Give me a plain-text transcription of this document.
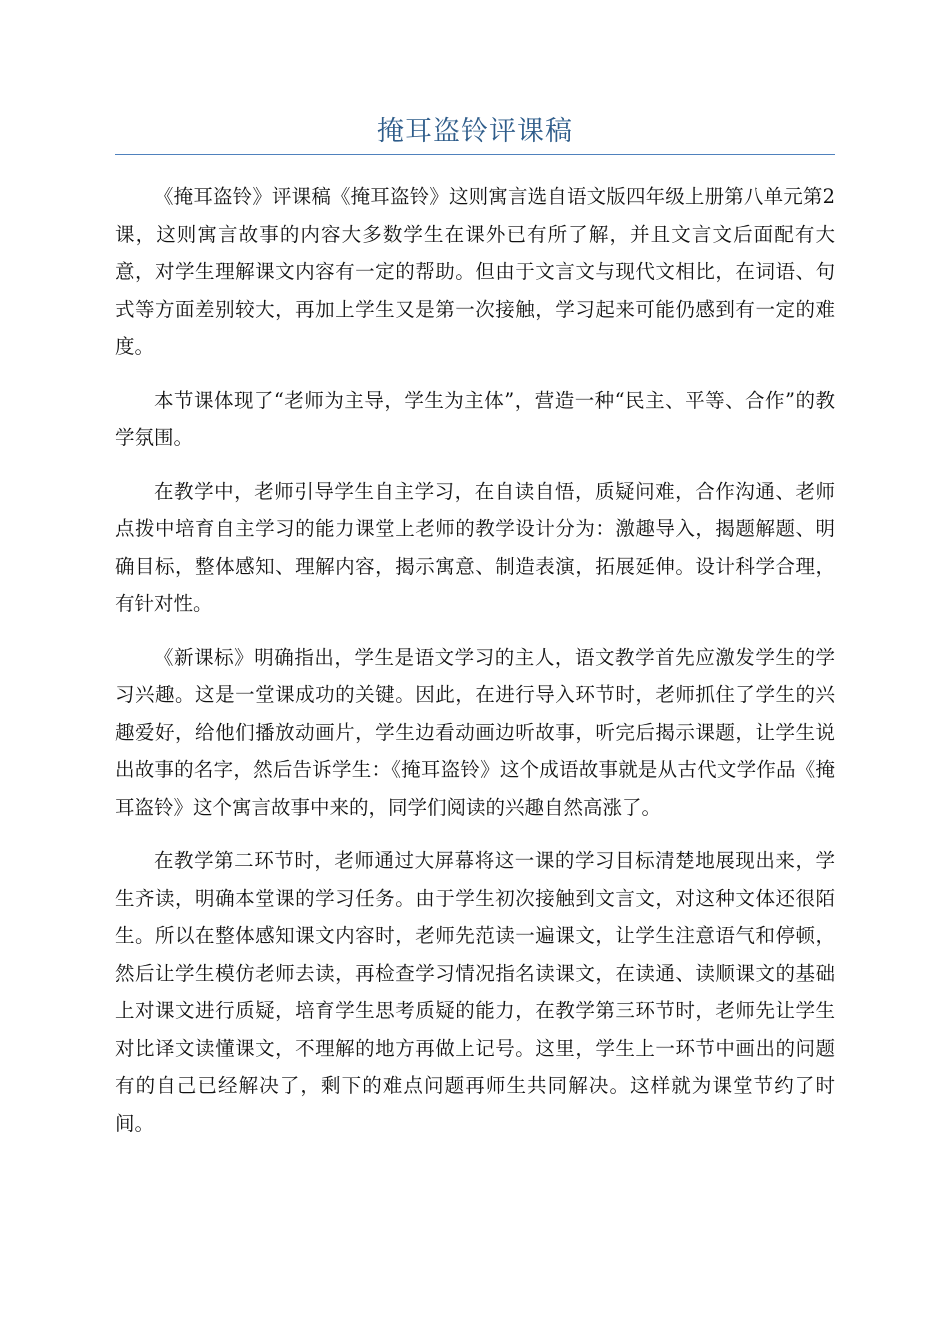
掩耳盗铃评课稿

《掩耳盗铃》评课稿《掩耳盗铃》这则寓言选自语文版四年级上册第八单元第2课，这则寓言故事的内容大多数学生在课外已有所了解，并且文言文后面配有大意，对学生理解课文内容有一定的帮助。但由于文言文与现代文相比，在词语、句式等方面差别较大，再加上学生又是第一次接触，学习起来可能仍感到有一定的难度。

本节课体现了“老师为主导，学生为主体”，营造一种“民主、平等、合作”的教学氛围。

在教学中，老师引导学生自主学习，在自读自悟，质疑问难，合作沟通、老师点拨中培育自主学习的能力课堂上老师的教学设计分为：激趣导入，揭题解题、明确目标，整体感知、理解内容，揭示寓意、制造表演，拓展延伸。设计科学合理，有针对性。

《新课标》明确指出，学生是语文学习的主人，语文教学首先应激发学生的学习兴趣。这是一堂课成功的关键。因此，在进行导入环节时，老师抓住了学生的兴趣爱好，给他们播放动画片，学生边看动画边听故事，听完后揭示课题，让学生说出故事的名字，然后告诉学生：《掩耳盗铃》这个成语故事就是从古代文学作品《掩耳盗铃》这个寓言故事中来的，同学们阅读的兴趣自然高涨了。

在教学第二环节时，老师通过大屏幕将这一课的学习目标清楚地展现出来，学生齐读，明确本堂课的学习任务。由于学生初次接触到文言文，对这种文体还很陌生。所以在整体感知课文内容时，老师先范读一遍课文，让学生注意语气和停顿，然后让学生模仿老师去读，再检查学习情况指名读课文，在读通、读顺课文的基础上对课文进行质疑，培育学生思考质疑的能力，在教学第三环节时，老师先让学生对比译文读懂课文，不理解的地方再做上记号。这里，学生上一环节中画出的问题有的自己已经解决了，剩下的难点问题再师生共同解决。这样就为课堂节约了时间。
